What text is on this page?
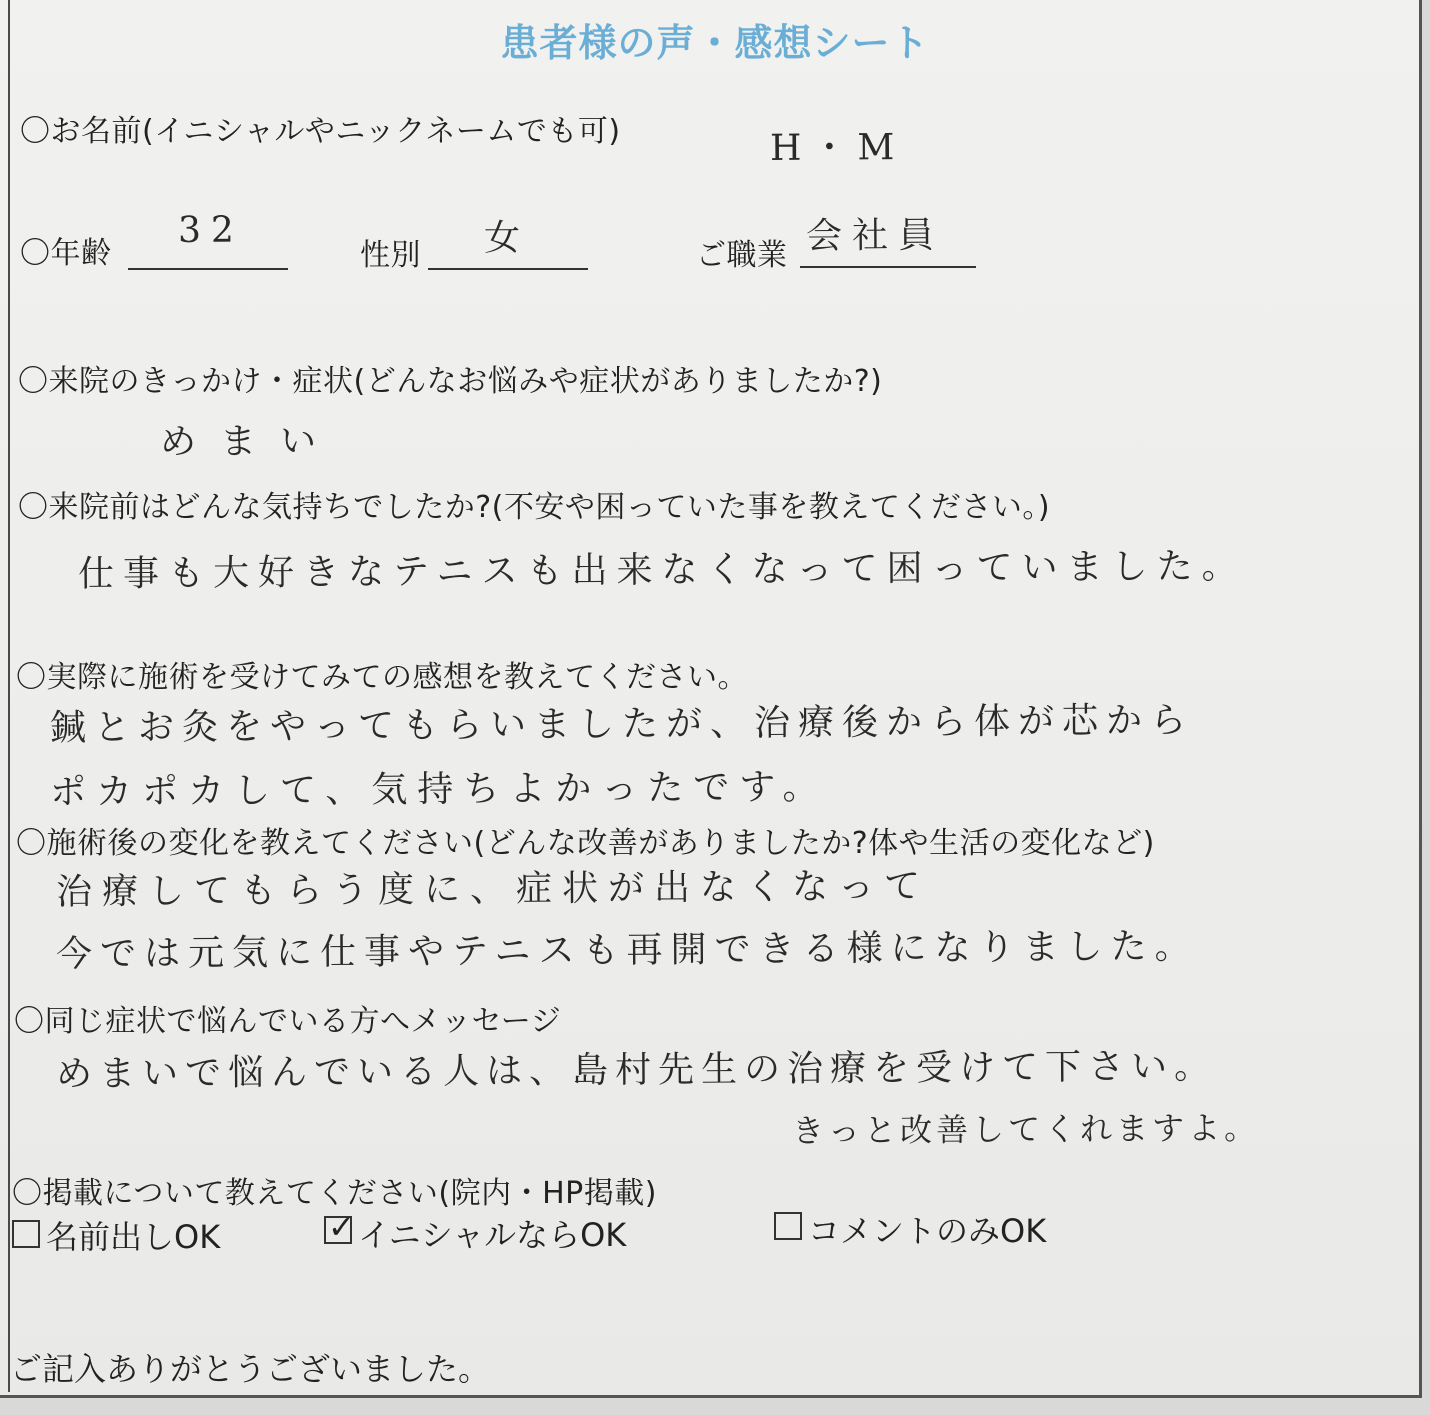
患者様の声・感想シート
〇お名前(イニシャルやニックネームでも可)	H・M
〇年齢
32
性別 女	ご職業 会社員
〇来院のきっかけ・症状(どんなお悩みや症状がありましたか?)
めまい
〇来院前はどんな気持ちでしたか?(不安や困っていた事を教えてください。)
仕事も大好きなテニスも出来なくなって困っていました。
〇実際に施術を受けてみての感想を教えてください。
鍼とお灸をやってもらいましたが、治療後から体が芯から
ポカポカして、気持ちよかったです。
〇施術後の変化を教えてください(どんな改善がありましたか?体や生活の変化など)
治療してもらう度に、症状が出なくなって
今では元気に仕事やテニスも再開できる様になりました。
〇同じ症状で悩んでいる方へメッセージ
めまいで悩んでいる人は、島村先生の治療を受けて下さい。
きっと改善してくれますよ。
〇掲載について教えてください(院内・HP掲載)
名前出しOK	✓ イニシャルならOK	コメントのみOK
ご記入ありがとうございました。
